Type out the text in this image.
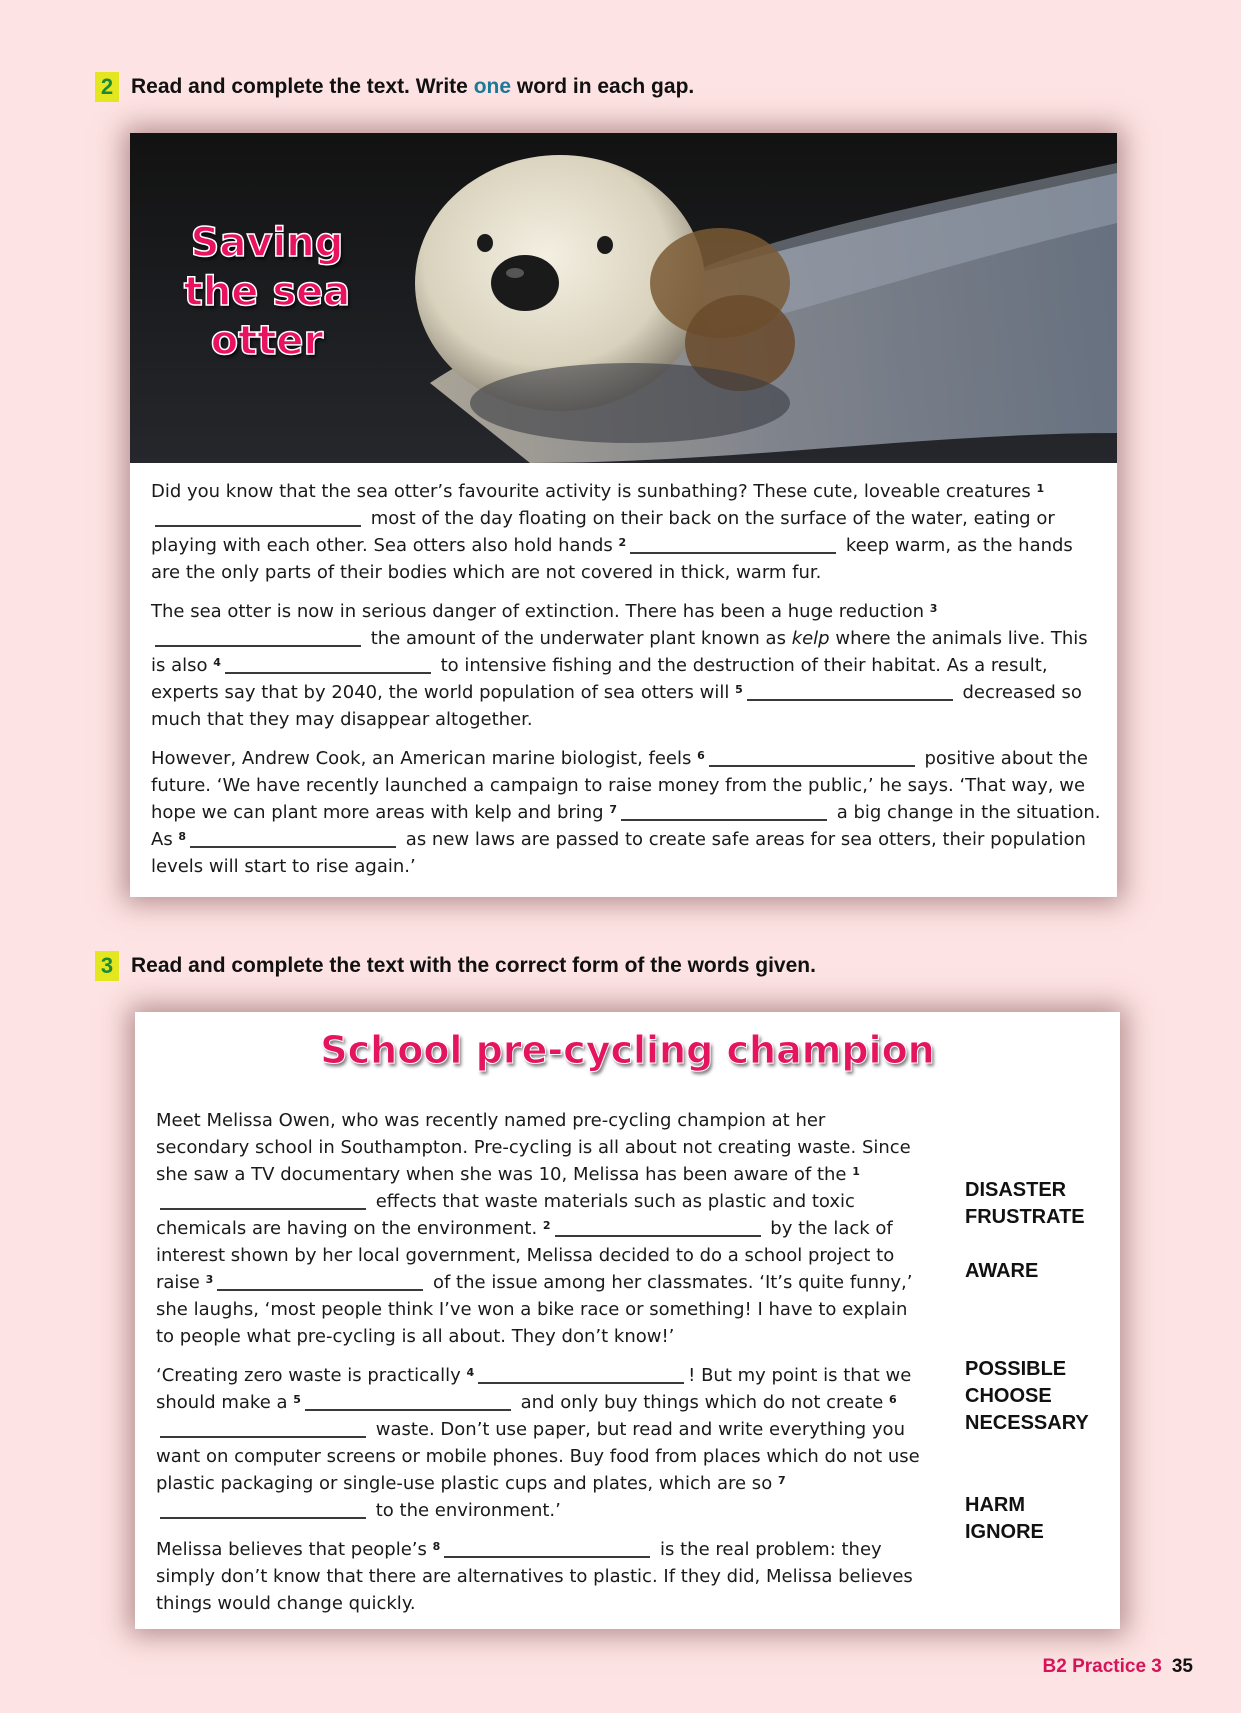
2 Read and complete the text. Write one word in each gap.
Saving
the sea
otter

Did you know that the sea otter’s favourite activity is sunbathing? These cute, loveable creatures $^1$ most of the day floating on their back on the surface of the water, eating or playing with each other. Sea otters also hold hands $^2$	keep warm, as the hands are the only parts of their bodies which are not covered in thick, warm fur.

The sea otter is now in serious danger of extinction. There has been a huge reduction $^3$ the amount of the underwater plant known as kelp where the animals live. This is also $^4$	to intensive fishing and the destruction of their habitat. As a result, experts say that by 2040, the world population of sea otters will $^5$	decreased so much that they may disappear altogether.

However, Andrew Cook, an American marine biologist, feels $^6$	positive about the future. ‘We have recently launched a campaign to raise money from the public,’ he says. ‘That way, we hope we can plant more areas with kelp and bring $^7$	a big change in the situation. As $^8$	as new laws are passed to create safe areas for sea otters, their population levels will start to rise again.’

3 Read and complete the text with the correct form of the words given.
School pre-cycling champion

Meet Melissa Owen, who was recently named pre-cycling champion at her secondary school in Southampton. Pre-cycling is all about not creating waste. Since she saw a TV documentary when she was 10, Melissa has been aware of the $^1$ effects that waste materials such as plastic and toxic chemicals are having on the environment. $^2$	by the lack of interest shown by her local government, Melissa decided to do a school project to raise $^3$	of the issue among her classmates. ‘It’s quite funny,’ she laughs, ‘most people think I’ve won a bike race or something! I have to explain to people what pre-cycling is all about. They don’t know!’

‘Creating zero waste is practically $^4$	! But my point is that we should make a $^5$	and only buy things which do not create $^6$ waste. Don’t use paper, but read and write everything you want on computer screens or mobile phones. Buy food from places which do not use plastic packaging or single-use plastic cups and plates, which are so $^7$ to the environment.’

Melissa believes that people’s $^8$	is the real problem: they simply don’t know that there are alternatives to plastic. If they did, Melissa believes things would change quickly.

DISASTER
FRUSTRATE
AWARE
POSSIBLE
CHOOSE
NECESSARY
HARM
IGNORE
B2 Practice 3 35
